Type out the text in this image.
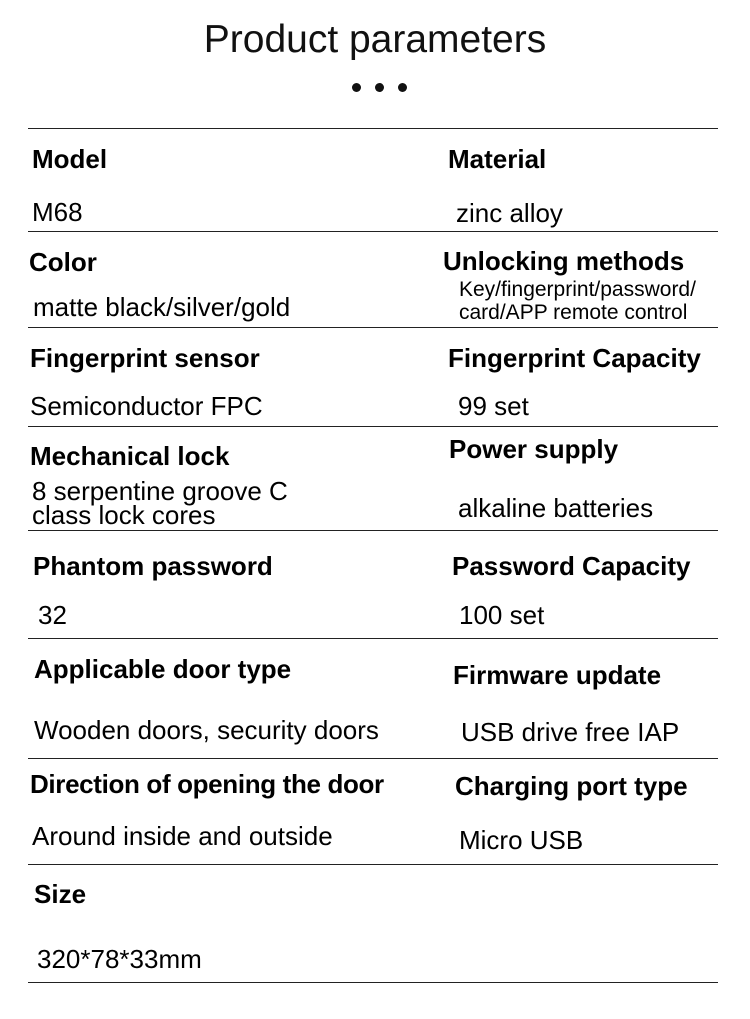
Product parameters
Model
M68
Material
zinc alloy
Color
matte black/silver/gold
Unlocking methods
Key/fingerprint/password/
card/APP remote control
Fingerprint sensor
Semiconductor FPC
Fingerprint Capacity
99 set
Mechanical lock
8 serpentine groove C
class lock cores
Power supply
alkaline batteries
Phantom password
32
Password Capacity
100 set
Applicable door type
Wooden doors, security doors
Firmware update
USB drive free IAP
Direction of opening the door
Around inside and outside
Charging port type
Micro USB
Size
320*78*33mm
